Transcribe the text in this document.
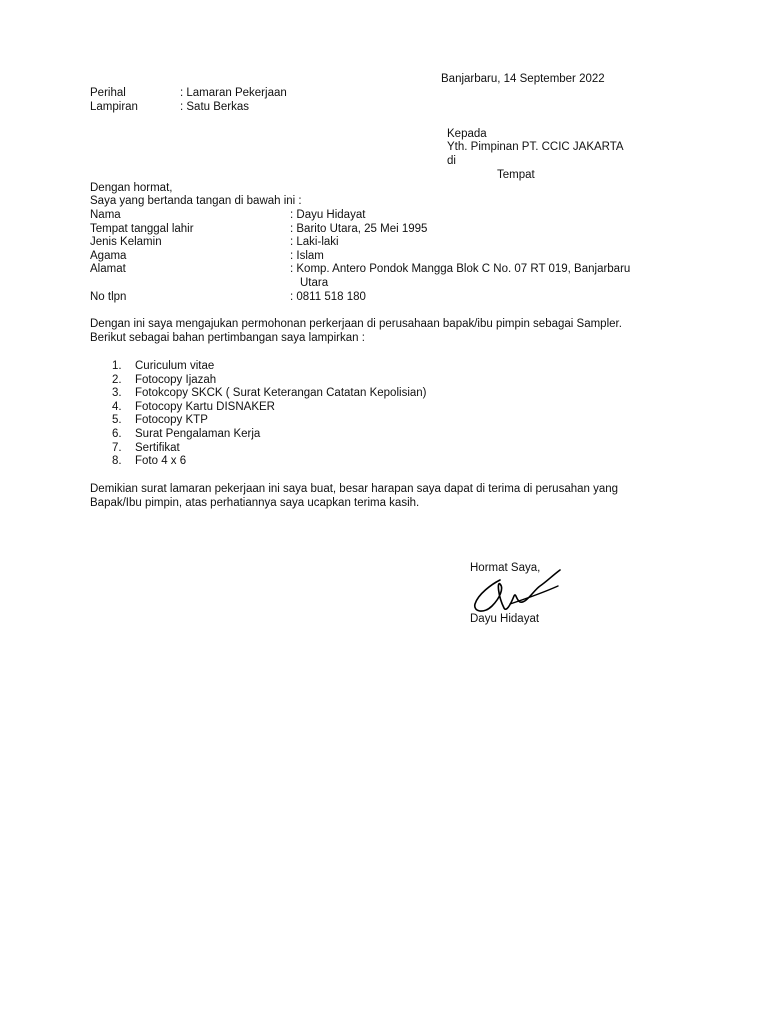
Banjarbaru, 14 September 2022
Perihal	: Lamaran Pekerjaan
Lampiran	: Satu Berkas
Kepada
Yth. Pimpinan PT. CCIC JAKARTA
di
Tempat
Dengan hormat,
Saya yang bertanda tangan di bawah ini :
Nama	: Dayu Hidayat
Tempat tanggal lahir	: Barito Utara, 25 Mei 1995
Jenis Kelamin	: Laki-laki
Agama	: Islam
Alamat	: Komp. Antero Pondok Mangga Blok C No. 07 RT 019, Banjarbaru
Utara
No tlpn	: 0811 518 180
Dengan ini saya mengajukan permohonan perkerjaan di perusahaan bapak/ibu pimpin sebagai Sampler.
Berikut sebagai bahan pertimbangan saya lampirkan :
1. Curiculum vitae
2. Fotocopy Ijazah
3. Fotokcopy SKCK ( Surat Keterangan Catatan Kepolisian)
4. Fotocopy Kartu DISNAKER
5. Fotocopy KTP
6. Surat Pengalaman Kerja
7. Sertifikat
8. Foto 4 x 6
Demikian surat lamaran pekerjaan ini saya buat, besar harapan saya dapat di terima di perusahan yang
Bapak/Ibu pimpin, atas perhatiannya saya ucapkan terima kasih.
Hormat Saya,
Dayu Hidayat
